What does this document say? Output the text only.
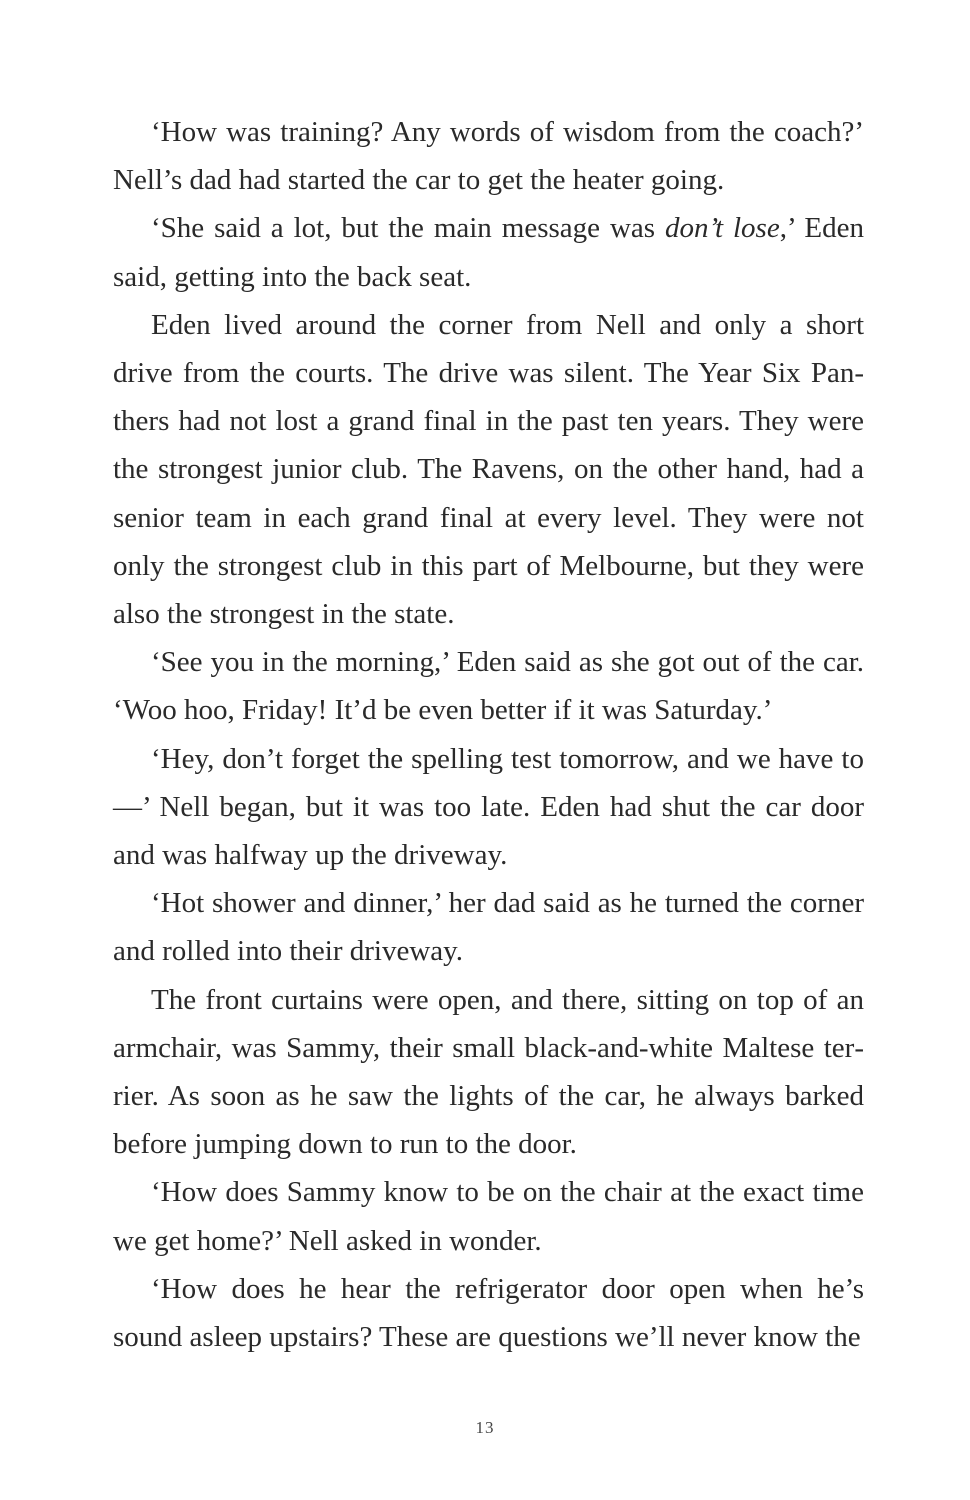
‘How was training? Any words of wisdom from the coach?’ Nell’s dad had started the car to get the heater going.

‘She said a lot, but the main message was don’t lose,’ Eden said, getting into the back seat.

Eden lived around the corner from Nell and only a short drive from the courts. The drive was silent. The Year Six Panthers had not lost a grand final in the past ten years. They were the strongest junior club. The Ravens, on the other hand, had a senior team in each grand final at every level. They were not only the strongest club in this part of Melbourne, but they were also the strongest in the state.

‘See you in the morning,’ Eden said as she got out of the car. ‘Woo hoo, Friday! It’d be even better if it was Saturday.’

‘Hey, don’t forget the spelling test tomorrow, and we have to—’ Nell began, but it was too late. Eden had shut the car door and was halfway up the driveway.

‘Hot shower and dinner,’ her dad said as he turned the corner and rolled into their driveway.

The front curtains were open, and there, sitting on top of an armchair, was Sammy, their small black-and-white Maltese terrier. As soon as he saw the lights of the car, he always barked before jumping down to run to the door.

‘How does Sammy know to be on the chair at the exact time we get home?’ Nell asked in wonder.

‘How does he hear the refrigerator door open when he’s sound asleep upstairs? These are questions we’ll never know the

13
